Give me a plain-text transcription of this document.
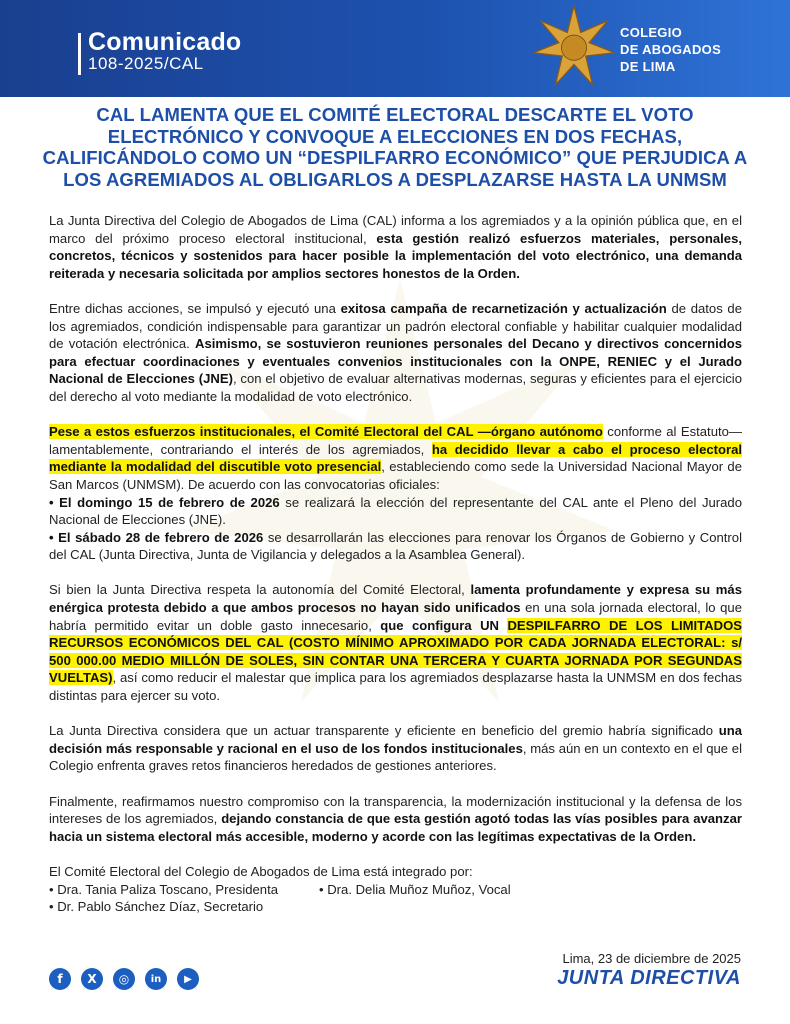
Comunicado
108-2025/CAL
COLEGIO
DE ABOGADOS
DE LIMA
CAL LAMENTA QUE EL COMITÉ ELECTORAL DESCARTE EL VOTO ELECTRÓNICO Y CONVOQUE A ELECCIONES EN DOS FECHAS, CALIFICÁNDOLO COMO UN “DESPILFARRO ECONÓMICO” QUE PERJUDICA A LOS AGREMIADOS AL OBLIGARLOS A DESPLAZARSE HASTA LA UNMSM

La Junta Directiva del Colegio de Abogados de Lima (CAL) informa a los agremiados y a la opinión pública que, en el marco del próximo proceso electoral institucional, esta gestión realizó esfuerzos materiales, personales, concretos, técnicos y sostenidos para hacer posible la implementación del voto electrónico, una demanda reiterada y necesaria solicitada por amplios sectores honestos de la Orden.

Entre dichas acciones, se impulsó y ejecutó una exitosa campaña de recarnetización y actualización de datos de los agremiados, condición indispensable para garantizar un padrón electoral confiable y habilitar cualquier modalidad de votación electrónica. Asimismo, se sostuvieron reuniones personales del Decano y directivos concernidos para efectuar coordinaciones y eventuales convenios institucionales con la ONPE, RENIEC y el Jurado Nacional de Elecciones (JNE), con el objetivo de evaluar alternativas modernas, seguras y eficientes para el ejercicio del derecho al voto mediante la modalidad de voto electrónico.

Pese a estos esfuerzos institucionales, el Comité Electoral del CAL —órgano autónomo conforme al Estatuto— lamentablemente, contrariando el interés de los agremiados, ha decidido llevar a cabo el proceso electoral mediante la modalidad del discutible voto presencial, estableciendo como sede la Universidad Nacional Mayor de San Marcos (UNMSM). De acuerdo con las convocatorias oficiales:
• El domingo 15 de febrero de 2026 se realizará la elección del representante del CAL ante el Pleno del Jurado Nacional de Elecciones (JNE).
• El sábado 28 de febrero de 2026 se desarrollarán las elecciones para renovar los Órganos de Gobierno y Control del CAL (Junta Directiva, Junta de Vigilancia y delegados a la Asamblea General).

Si bien la Junta Directiva respeta la autonomía del Comité Electoral, lamenta profundamente y expresa su más enérgica protesta debido a que ambos procesos no hayan sido unificados en una sola jornada electoral, lo que habría permitido evitar un doble gasto innecesario, que configura UN DESPILFARRO DE LOS LIMITADOS RECURSOS ECONÓMICOS DEL CAL (COSTO MÍNIMO APROXIMADO POR CADA JORNADA ELECTORAL: s/ 500 000.00 MEDIO MILLÓN DE SOLES, SIN CONTAR UNA TERCERA Y CUARTA JORNADA POR SEGUNDAS VUELTAS), así como reducir el malestar que implica para los agremiados desplazarse hasta la UNMSM en dos fechas distintas para ejercer su voto.

La Junta Directiva considera que un actuar transparente y eficiente en beneficio del gremio habría significado una decisión más responsable y racional en el uso de los fondos institucionales, más aún en un contexto en el que el Colegio enfrenta graves retos financieros heredados de gestiones anteriores.

Finalmente, reafirmamos nuestro compromiso con la transparencia, la modernización institucional y la defensa de los intereses de los agremiados, dejando constancia de que esta gestión agotó todas las vías posibles para avanzar hacia un sistema electoral más accesible, moderno y acorde con las legítimas expectativas de la Orden.

El Comité Electoral del Colegio de Abogados de Lima está integrado por:
• Dra. Tania Paliza Toscano, Presidenta	• Dra. Delia Muñoz Muñoz, Vocal
• Dr. Pablo Sánchez Díaz, Secretario
f	X	◎	in	▶
Lima, 23 de diciembre de 2025
JUNTA DIRECTIVA
